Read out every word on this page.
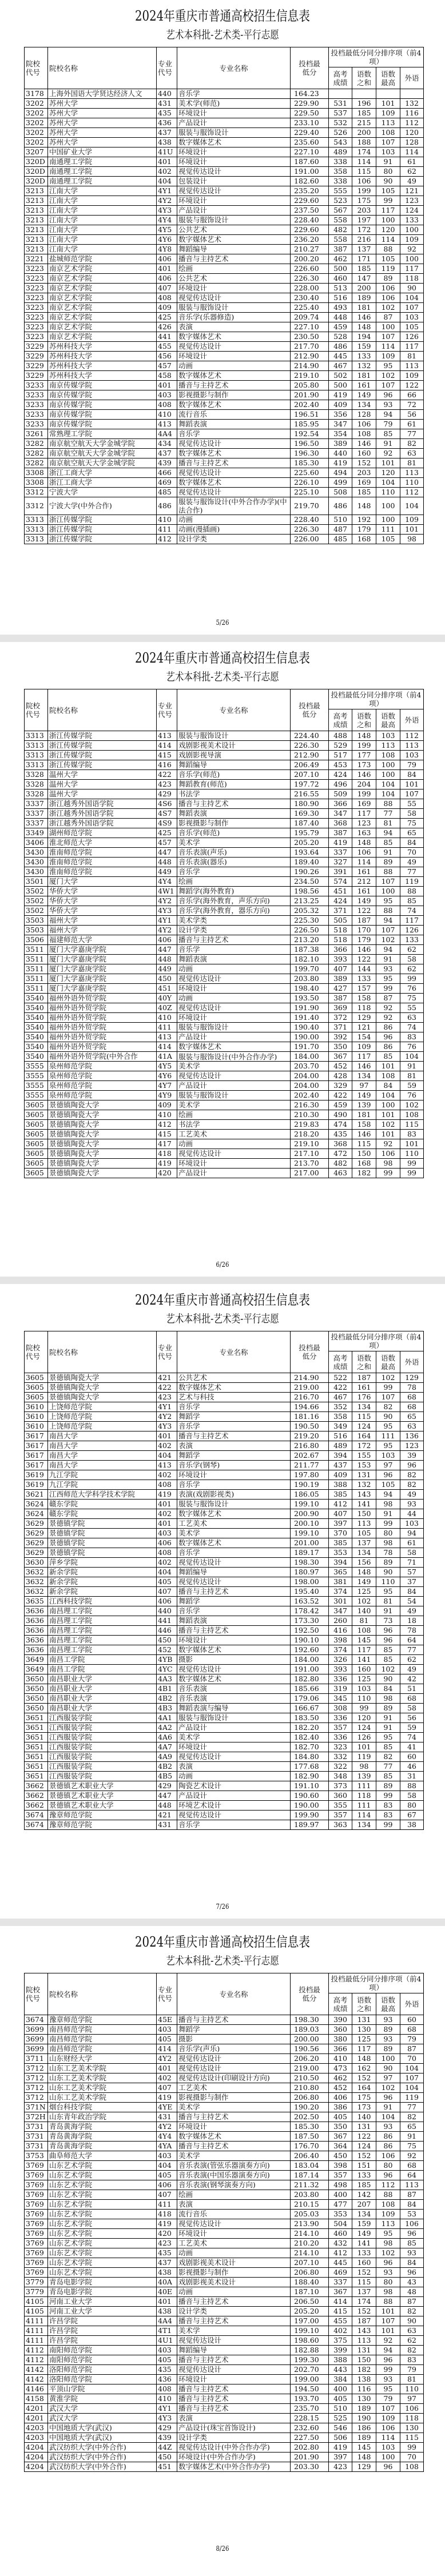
2024年重庆市普通高校招生信息表
艺术本科批-艺术类-平行志愿
院校代号	院校名称	专业代号	专业名称	投档最低分	投档最低分同分排序项（前4项）			
					高考成绩	语数之和	语数最高	外语
3178	上海外国语大学贤达经济人文	440	音乐学	164.23				
3202	苏州大学	431	美术学(师范)	229.90	531	196	101	132
3202	苏州大学	435	环境设计	229.50	537	185	109	116
3202	苏州大学	436	产品设计	233.10	532	215	113	112
3202	苏州大学	437	服装与服饰设计	229.40	526	200	108	120
3202	苏州大学	438	数字媒体艺术	235.60	543	188	107	128
3207	中国矿业大学	41U	环境设计	227.10	489	174	103	114
320D	南通理工学院	401	环境设计	187.60	338	114	91	61
320D	南通理工学院	402	视觉传达设计	191.00	358	115	80	62
320D	南通理工学院	404	包装设计	182.60	338	106	90	49
3213	江南大学	4Y1	视觉传达设计	235.20	555	199	105	121
3213	江南大学	4Y2	环境设计	229.60	523	175	99	123
3213	江南大学	4Y3	产品设计	237.50	567	203	117	124
3213	江南大学	4Y4	服装与服饰设计	228.40	558	197	100	133
3213	江南大学	4Y5	公共艺术	229.60	482	172	120	100
3213	江南大学	4Y6	数字媒体艺术	236.20	558	216	114	109
3213	江南大学	4Y8	舞蹈编导	210.27	387	137	88	92
3221	盐城师范学院	406	播音与主持艺术	200.20	462	171	105	100
3223	南京艺术学院	401	绘画	226.60	500	185	119	117
3223	南京艺术学院	406	公共艺术	226.30	460	147	89	118
3223	南京艺术学院	407	环境设计	228.00	513	200	106	90
3223	南京艺术学院	408	视觉传达设计	230.40	516	189	106	104
3223	南京艺术学院	409	服装与服饰设计	225.40	493	181	102	107
3223	南京艺术学院	425	音乐学(乐器修造)	209.74	448	146	87	103
3223	南京艺术学院	426	表演	227.10	459	148	100	105
3223	南京艺术学院	441	数字媒体艺术	230.50	528	194	107	126
3229	苏州科技大学	455	视觉传达设计	217.70	486	159	114	117
3229	苏州科技大学	456	环境设计	212.90	445	133	109	81
3229	苏州科技大学	457	动画	214.90	467	132	95	113
3229	苏州科技大学	458	数字媒体艺术	219.10	502	181	102	109
3233	南京传媒学院	401	播音与主持艺术	205.80	500	161	107	122
3233	南京传媒学院	403	影视摄影与制作	201.90	419	149	96	66
3233	南京传媒学院	408	数字媒体艺术	202.40	409	134	93	72
3233	南京传媒学院	410	流行音乐	196.51	356	128	94	56
3233	南京传媒学院	413	舞蹈表演	185.95	347	106	79	61
3261	常熟理工学院	4A4	音乐学	192.54	354	108	85	77
3282	南京航空航天大学金城学院	434	视觉传达设计	196.50	389	146	91	82
3282	南京航空航天大学金城学院	437	数字媒体艺术	196.30	440	160	92	63
3282	南京航空航天大学金城学院	439	播音与主持艺术	185.30	419	152	101	81
3308	浙江工商大学	466	视觉传达设计	225.60	494	203	120	113
3308	浙江工商大学	469	数字媒体艺术	226.10	499	169	104	110
3312	宁波大学	485	视觉传达设计	225.10	508	185	110	112
3312	宁波大学(中外合作)	486	服装与服饰设计(中外合作办学)(中法合作)	219.70	486	148	100	104
3313	浙江传媒学院	410	动画	228.40	510	192	100	109
3313	浙江传媒学院	411	动画(漫插画)	226.30	487	179	111	101
3313	浙江传媒学院	412	设计学类	226.00	485	168	105	98
5/26
2024年重庆市普通高校招生信息表
艺术本科批-艺术类-平行志愿
院校代号	院校名称	专业代号	专业名称	投档最低分	投档最低分同分排序项（前4项）			
					高考成绩	语数之和	语数最高	外语
3313	浙江传媒学院	413	服装与服饰设计	224.40	488	148	103	112
3313	浙江传媒学院	414	戏剧影视美术设计	226.30	529	199	113	113
3313	浙江传媒学院	415	戏剧影视导演	212.90	517	177	108	103
3313	浙江传媒学院	416	舞蹈编导	206.49	453	173	100	79
3328	温州大学	422	音乐学(师范)	207.10	424	146	100	84
3328	温州大学	423	舞蹈教育(师范)	197.72	496	204	104	101
3328	温州大学	429	书法学	216.55	509	199	104	107
3337	浙江越秀外国语学院	4S6	播音与主持艺术	180.90	366	169	88	55
3337	浙江越秀外国语学院	4S7	舞蹈表演	169.30	347	117	77	58
3337	浙江越秀外国语学院	4S9	影视摄影与制作	187.40	368	123	81	75
3349	湖州师范学院	425	音乐学(师范)	195.79	387	163	94	65
3406	淮北师范大学	457	美术学	205.20	419	148	85	84
3430	淮南师范学院	447	音乐表演(声乐)	193.64	337	106	91	70
3430	淮南师范学院	448	音乐表演(器乐)	189.40	327	114	89	49
3430	淮南师范学院	449	音乐学	190.26	391	161	88	77
3501	厦门大学	4Y4	绘画	234.50	574	212	107	119
3502	华侨大学	4W1	舞蹈学(海外教育)	198.56	451	161	100	88
3502	华侨大学	4Y2	音乐学(海外教育，声乐方向)	213.25	424	149	95	85
3502	华侨大学	4Y3	音乐学(海外教育，器乐方向)	205.32	371	122	88	74
3503	福州大学	4Y1	美术学类	225.30	505	187	94	117
3503	福州大学	4Y2	设计学类	226.50	518	170	107	126
3506	福建师范大学	406	播音与主持艺术	213.20	518	179	102	133
3511	厦门大学嘉庚学院	447	音乐学	187.38	366	146	94	62
3511	厦门大学嘉庚学院	448	舞蹈表演	182.10	393	122	91	58
3511	厦门大学嘉庚学院	449	动画	199.70	407	144	93	62
3511	厦门大学嘉庚学院	450	视觉传达设计	203.80	389	133	95	99
3511	厦门大学嘉庚学院	451	环境设计	198.40	427	157	99	76
3540	福州外语外贸学院	40Y	动画	193.50	387	158	87	75
3540	福州外语外贸学院	40Z	视觉传达设计	191.90	369	118	92	55
3540	福州外语外贸学院	410	环境设计	191.40	372	129	92	63
3540	福州外语外贸学院	411	服装与服饰设计	190.40	371	121	86	74
3540	福州外语外贸学院	413	产品设计	190.00	392	154	96	83
3540	福州外语外贸学院	414	数字媒体艺术	191.70	350	109	86	76
3540	福州外语外贸学院(中外合作	41A	服装与服饰设计(中外合作办学)	184.00	367	117	85	104
3555	泉州师范学院	4Y5	美术学	203.70	452	146	101	91
3555	泉州师范学院	4Y6	视觉传达设计	204.00	428	134	108	81
3555	泉州师范学院	4Y7	产品设计	204.00	329	97	84	59
3555	泉州师范学院	4Y9	服装与服饰设计	202.40	422	149	104	76
3605	景德镇陶瓷大学	409	美术学	216.30	459	139	100	102
3605	景德镇陶瓷大学	410	绘画	210.30	490	181	101	108
3605	景德镇陶瓷大学	412	书法学	219.83	474	158	102	115
3605	景德镇陶瓷大学	415	工艺美术	218.20	435	146	101	83
3605	景德镇陶瓷大学	417	动画	219.10	368	115	92	101
3605	景德镇陶瓷大学	418	视觉传达设计	217.10	472	150	106	110
3605	景德镇陶瓷大学	419	环境设计	213.70	482	168	98	99
3605	景德镇陶瓷大学	420	产品设计	217.00	463	182	99	99
6/26
2024年重庆市普通高校招生信息表
艺术本科批-艺术类-平行志愿
院校代号	院校名称	专业代号	专业名称	投档最低分	投档最低分同分排序项（前4项）			
					高考成绩	语数之和	语数最高	外语
3605	景德镇陶瓷大学	421	公共艺术	214.90	522	187	102	129
3605	景德镇陶瓷大学	422	数字媒体艺术	219.00	422	161	99	78
3605	景德镇陶瓷大学	423	艺术与科技	216.70	467	176	107	68
3610	上饶师范学院	4Y1	音乐学	194.66	352	134	82	68
3610	上饶师范学院	4Y2	舞蹈学	181.16	358	115	90	65
3610	上饶师范学院	4Y3	音乐学	190.50	349	124	95	63
3617	南昌大学	401	播音与主持艺术	219.20	516	164	111	136
3617	南昌大学	402	表演	216.80	489	172	95	123
3617	南昌大学	404	舞蹈学	202.67	394	155	103	39
3617	南昌大学	413	音乐学(钢琴)	211.77	437	153	97	96
3619	九江学院	402	环境设计	197.80	409	131	96	82
3619	九江学院	408	音乐学	190.19	388	132	105	82
3621	江西师范大学科学技术学院	419	表演(戏剧影视类)	186.05	385	143	94	49
3624	赣东学院	401	服装与服饰设计	199.10	412	141	98	93
3624	赣东学院	402	数字媒体艺术	200.90	407	150	91	44
3629	景德镇学院	401	工艺美术	200.10	397	113	99	103
3629	景德镇学院	403	美术学	199.10	370	105	80	94
3629	景德镇学院	406	数字媒体艺术	201.00	385	137	98	61
3629	景德镇学院	408	音乐学	189.17	353	134	78	58
3630	萍乡学院	402	视觉传达设计	198.30	394	156	89	71
3632	新余学院	404	舞蹈编导	180.97	365	148	90	57
3632	新余学院	405	视觉传达设计	198.00	381	149	110	37
3632	新余学院	407	播音与主持艺术	195.40	374	125	95	84
3635	江西科技学院	406	舞蹈学	163.52	301	102	81	54
3636	南昌理工学院	440	音乐学	178.42	347	140	91	49
3636	南昌理工学院	441	舞蹈表演	173.30	260	81	73	18
3636	南昌理工学院	446	播音与主持艺术	192.50	416	108	96	78
3636	南昌理工学院	450	环境设计	190.10	398	145	96	64
3636	南昌理工学院	452	数字媒体艺术	192.60	374	117	85	77
3649	南昌工学院	4YB	摄影	184.00	326	141	85	62
3649	南昌工学院	4YC	视觉传达设计	191.00	393	160	102	49
3650	南昌职业大学	4A3	数字媒体艺术	182.80	336	125	90	42
3650	南昌职业大学	4B1	音乐表演	185.66	319	103	84	51
3650	南昌职业大学	4B2	音乐表演	179.06	345	110	98	68
3650	南昌职业大学	4B3	舞蹈表演与编导	166.67	308	99	89	58
3651	江西服装学院	4A1	服装与服饰设计	183.50	336	120	91	56
3651	江西服装学院	4A2	产品设计	182.20	357	124	91	59
3651	江西服装学院	4A6	美术学	182.40	336	126	95	74
3651	江西服装学院	4A7	环境设计	182.70	323	101	85	41
3651	江西服装学院	4A9	视觉传达设计	184.80	332	119	82	60
3651	江西服装学院	4B2	表演	177.68	322	98	77	46
3651	江西服装学院	4B5	动画	182.90	348	139	85	31
3662	景德镇艺术职业大学	429	陶瓷艺术设计	191.10	373	111	89	88
3662	景德镇艺术职业大学	447	产品设计	190.60	360	118	99	58
3662	景德镇艺术职业大学	448	环境艺术设计	190.00	355	111	83	80
3674	豫章师范学院	421	视觉传达设计	199.90	357	114	83	67
3674	豫章师范学院	431	音乐学	189.97	363	134	99	38
7/26
2024年重庆市普通高校招生信息表
艺术本科批-艺术类-平行志愿
院校代号	院校名称	专业代号	专业名称	投档最低分	投档最低分同分排序项（前4项）			
					高考成绩	语数之和	语数最高	外语
3674	豫章师范学院	45E	播音与主持艺术	198.30	390	131	93	60
3699	南昌师范学院	403	舞蹈学	189.03	360	130	89	68
3699	南昌师范学院	405	摄影	200.00	380	125	93	79
3699	南昌师范学院	414	音乐学(声乐)	190.56	366	117	89	87
3711	山东财经大学	4Y2	视觉传达设计	206.20	410	148	100	70
3712	山东工艺美术学院	401	视觉传达设计	219.00	473	162	90	104
3712	山东工艺美术学院	402	视觉传达设计(印刷设计方向)	210.50	462	152	97	107
3712	山东工艺美术学院	407	工艺美术	210.80	452	164	102	104
3712	山东工艺美术学院	419	影视摄影与制作	206.80	406	175	96	119
371N	烟台科技学院	4YE	美术学	190.20	386	173	91	77
372H	山东青年政治学院	431	播音与主持艺术	202.50	405	140	104	82
3731	青岛黄海学院	4Y2	环境设计	185.30	350	131	93	65
3731	青岛黄海学院	4Y4	数字媒体艺术	187.50	367	122	86	91
3731	青岛黄海学院	4YA	播音与主持艺术	176.70	364	124	86	75
3753	曲阜师范大学	403	美术学	206.40	450	152	106	92
3769	山东艺术学院	404	音乐表演(管弦乐器演奏方向)	183.04	398	151	80	68
3769	山东艺术学院	405	音乐表演(中国乐器演奏方向)	187.14	357	133	96	64
3769	山东艺术学院	406	音乐表演(钢琴演奏方向)	211.32	498	185	112	113
3769	山东艺术学院	407	绘画	203.80	400	142	88	87
3769	山东艺术学院	411	表演	210.15	477	207	108	84
3769	山东艺术学院	418	流行音乐	205.03	353	134	109	53
3769	山东艺术学院	419	视觉传达设计	213.90	504	159	113	106
3769	山东艺术学院	420	环境设计	214.10	460	149	95	96
3769	山东艺术学院	423	工艺美术	210.20	432	141	98	85
3769	山东艺术学院	435	动画	214.10	412	133	102	93
3769	山东艺术学院	437	戏剧影视美术设计	207.10	445	160	96	84
3769	山东艺术学院	438	影视摄影与制作	206.80	469	152	93	96
3779	青岛电影学院	40A	戏剧影视美术设计	188.40	337	115	80	43
3779	青岛电影学院	40E	动画	187.10	367	137	98	48
4105	河南工业大学	401	播音与主持艺术	206.50	414	174	88	87
4105	河南工业大学	438	设计学类	205.20	415	152	101	82
4111	许昌学院	4A4	播音与主持艺术	197.00	455	187	107	90
4111	许昌学院	4T1	美术学	199.10	402	143	101	63
4111	许昌学院	4U1	视觉传达设计	198.60	375	113	92	62
4112	南阳师范学院	403	舞蹈编导	182.88	399	131	94	82
4112	南阳师范学院	405	播音与主持艺术	199.30	388	150	96	83
4142	洛阳师范学院	435	视觉传达设计	202.70	443	182	99	79
4142	洛阳师范学院	436	环境设计	199.00	384	138	93	81
4146	平顶山学院	408	播音与主持艺术	194.50	400	116	95	110
4158	黄淮学院	410	播音与主持艺术	193.70	405	130	79	97
4201	武汉大学	4Y1	播音与主持艺术	235.70	510	189	107	106
4201	武汉大学	4Y3	表演	228.15	525	190	109	118
4203	中国地质大学(武汉)	429	产品设计(珠宝首饰设计)	232.60	546	186	106	130
4203	中国地质大学(武汉)	439	设计学类	227.50	506	189	114	115
4204	武汉纺织大学(中外合作)	44Z	视觉传达设计(中外合作办学)	202.80	419	145	103	99
4204	武汉纺织大学(中外合作)	450	环境设计(中外合作办学)	201.90	397	148	100	70
4204	武汉纺织大学(中外合作)	451	数字媒体艺术(中外合作办学)	203.30	423	129	96	108
8/26
